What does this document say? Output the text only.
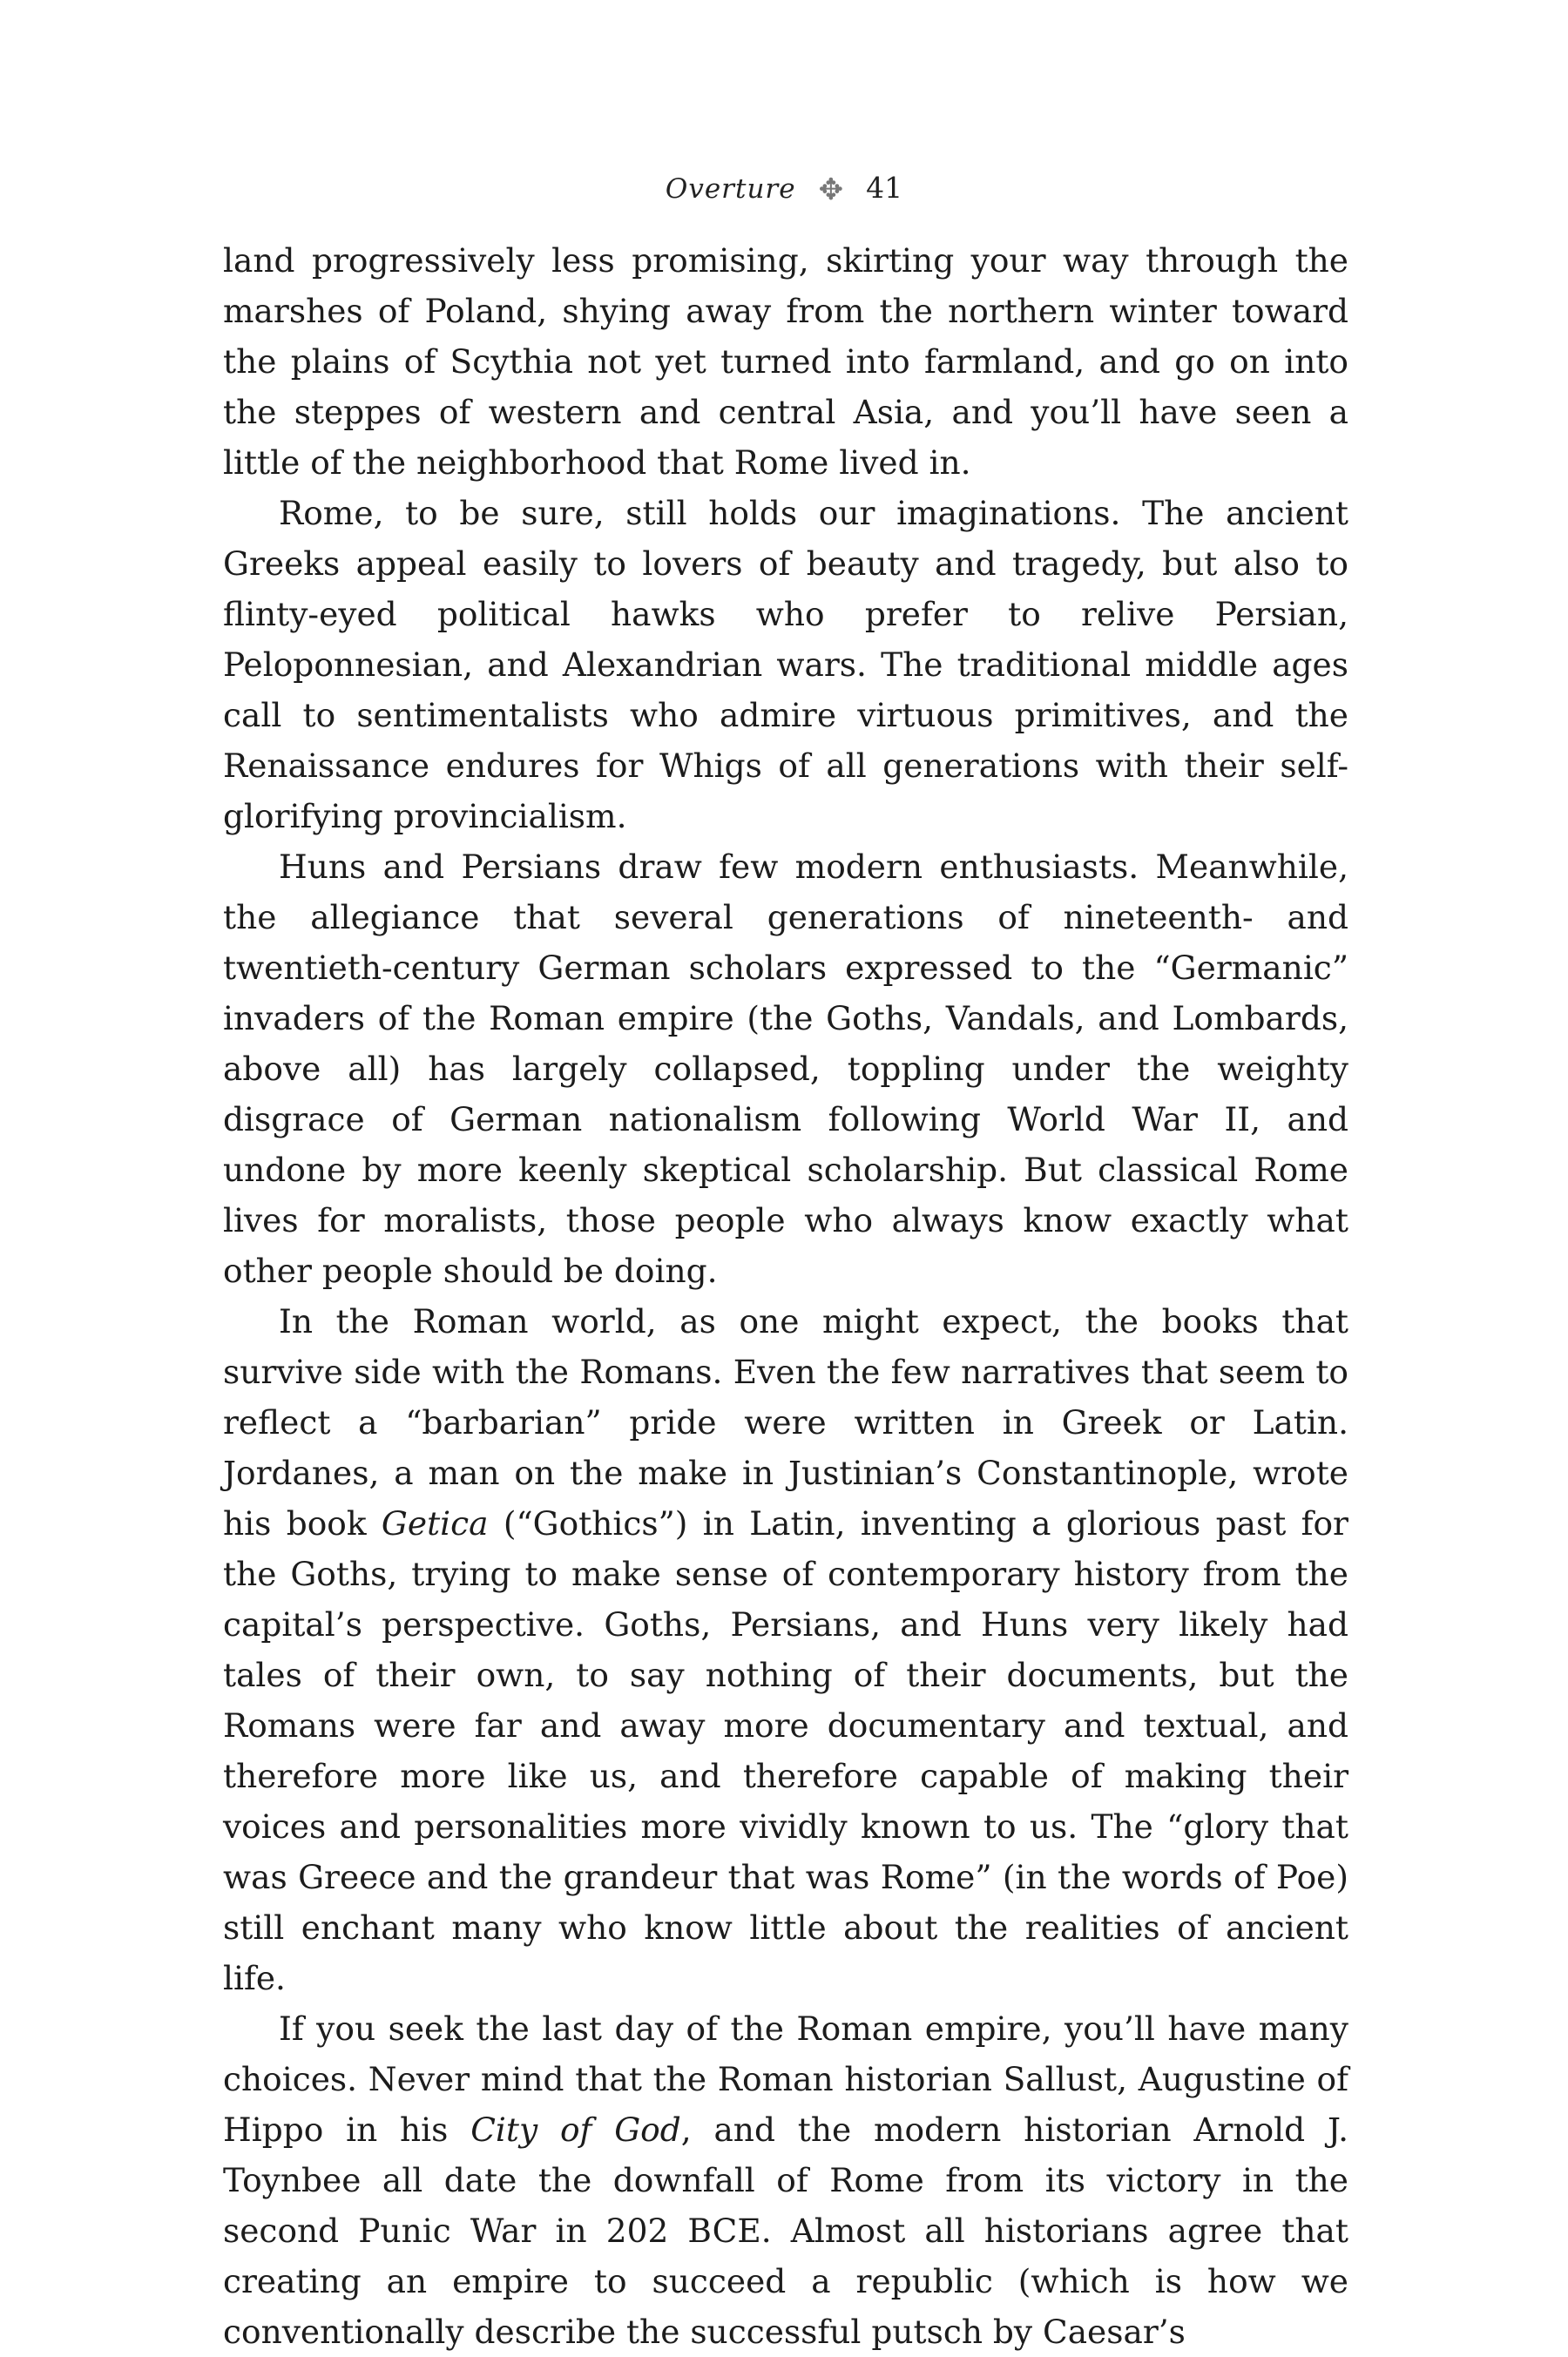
Overture ✥ 41

land progressively less promising, skirting your way through the marshes of Poland, shying away from the northern winter toward the plains of Scythia not yet turned into farmland, and go on into the steppes of western and central Asia, and you’ll have seen a little of the neighborhood that Rome lived in.

Rome, to be sure, still holds our imaginations. The ancient Greeks appeal easily to lovers of beauty and tragedy, but also to flinty-eyed political hawks who prefer to relive Persian, Peloponnesian, and Alexandrian wars. The traditional middle ages call to sentimentalists who admire virtuous primitives, and the Renaissance endures for Whigs of all generations with their self-glorifying provincialism.

Huns and Persians draw few modern enthusiasts. Meanwhile, the allegiance that several generations of nineteenth- and twentieth-century German scholars expressed to the “Germanic” invaders of the Roman empire (the Goths, Vandals, and Lombards, above all) has largely collapsed, toppling under the weighty disgrace of German nationalism following World War II, and undone by more keenly skeptical scholarship. But classical Rome lives for moralists, those people who always know exactly what other people should be doing.

In the Roman world, as one might expect, the books that survive side with the Romans. Even the few narratives that seem to reflect a “barbarian” pride were written in Greek or Latin. Jordanes, a man on the make in Justinian’s Constantinople, wrote his book Getica (“Gothics”) in Latin, inventing a glorious past for the Goths, trying to make sense of contemporary history from the capital’s perspective. Goths, Persians, and Huns very likely had tales of their own, to say nothing of their documents, but the Romans were far and away more documentary and textual, and therefore more like us, and therefore capable of making their voices and personalities more vividly known to us. The “glory that was Greece and the grandeur that was Rome” (in the words of Poe) still enchant many who know little about the realities of ancient life.

If you seek the last day of the Roman empire, you’ll have many choices. Never mind that the Roman historian Sallust, Augustine of Hippo in his City of God, and the modern historian Arnold J. Toynbee all date the downfall of Rome from its victory in the second Punic War in 202 BCE. Almost all historians agree that creating an empire to succeed a republic (which is how we conventionally describe the successful putsch by Caesar’s
